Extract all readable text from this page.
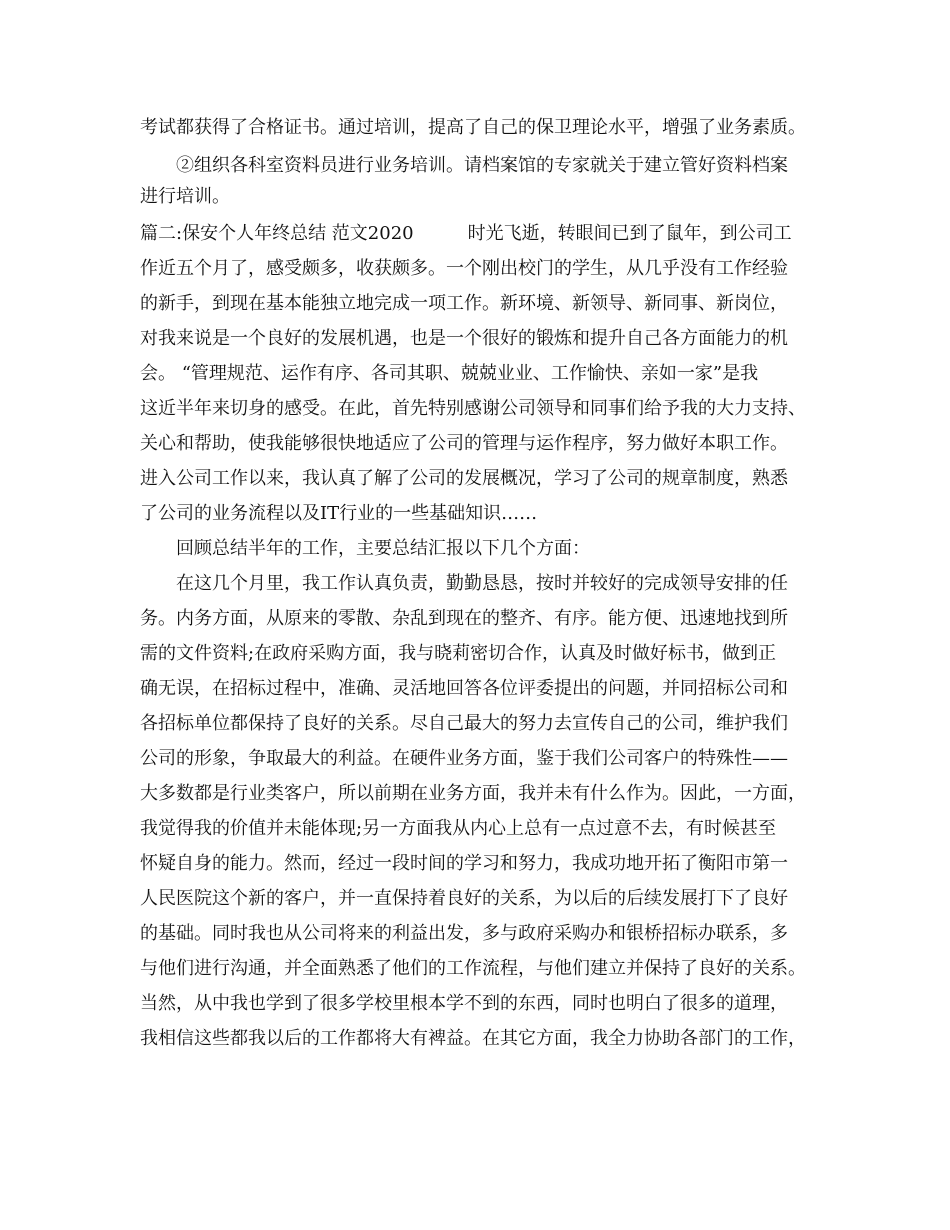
考试都获得了合格证书。通过培训，提高了自己的保卫理论水平，增强了业务素质。

　　②组织各科室资料员进行业务培训。请档案馆的专家就关于建立管好资料档案

进行培训。

篇二:保安个人年终总结 范文2020　　　时光飞逝，转眼间已到了鼠年，到公司工

作近五个月了，感受颇多，收获颇多。一个刚出校门的学生，从几乎没有工作经验

的新手，到现在基本能独立地完成一项工作。新环境、新领导、新同事、新岗位，

对我来说是一个良好的发展机遇，也是一个很好的锻炼和提升自己各方面能力的机

会。 “管理规范、运作有序、各司其职、兢兢业业、工作愉快、亲如一家”是我

这近半年来切身的感受。在此，首先特别感谢公司领导和同事们给予我的大力支持、

关心和帮助，使我能够很快地适应了公司的管理与运作程序，努力做好本职工作。

进入公司工作以来，我认真了解了公司的发展概况，学习了公司的规章制度，熟悉

了公司的业务流程以及IT行业的一些基础知识……

　　回顾总结半年的工作，主要总结汇报以下几个方面：

　　在这几个月里，我工作认真负责，勤勤恳恳，按时并较好的完成领导安排的任

务。内务方面，从原来的零散、杂乱到现在的整齐、有序。能方便、迅速地找到所

需的文件资料;在政府采购方面，我与晓莉密切合作，认真及时做好标书，做到正

确无误，在招标过程中，准确、灵活地回答各位评委提出的问题，并同招标公司和

各招标单位都保持了良好的关系。尽自己最大的努力去宣传自己的公司，维护我们

公司的形象，争取最大的利益。在硬件业务方面，鉴于我们公司客户的特殊性——

大多数都是行业类客户，所以前期在业务方面，我并未有什么作为。因此，一方面，

我觉得我的价值并未能体现;另一方面我从内心上总有一点过意不去，有时候甚至

怀疑自身的能力。然而，经过一段时间的学习和努力，我成功地开拓了衡阳市第一

人民医院这个新的客户，并一直保持着良好的关系，为以后的后续发展打下了良好

的基础。同时我也从公司将来的利益出发，多与政府采购办和银桥招标办联系，多

与他们进行沟通，并全面熟悉了他们的工作流程，与他们建立并保持了良好的关系。

当然，从中我也学到了很多学校里根本学不到的东西，同时也明白了很多的道理，

我相信这些都我以后的工作都将大有裨益。在其它方面，我全力协助各部门的工作，
